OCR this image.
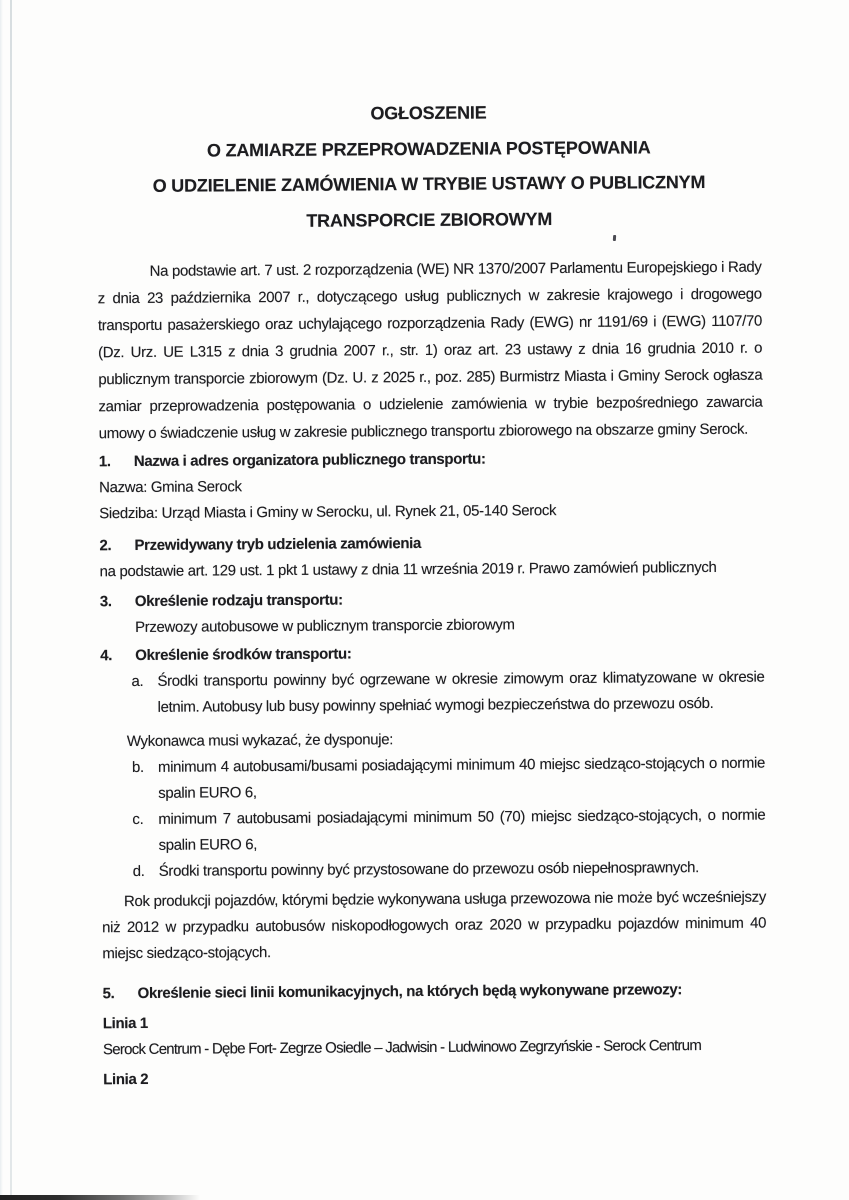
OGŁOSZENIE
O ZAMIARZE PRZEPROWADZENIA POSTĘPOWANIA
O UDZIELENIE ZAMÓWIENIA W TRYBIE USTAWY O PUBLICZNYM
TRANSPORCIE ZBIOROWYM

Na podstawie art. 7 ust. 2 rozporządzenia (WE) NR 1370/2007 Parlamentu Europejskiego i Rady z dnia 23 października 2007 r., dotyczącego usług publicznych w zakresie krajowego i drogowego transportu pasażerskiego oraz uchylającego rozporządzenia Rady (EWG) nr 1191/69 i (EWG) 1107/70 (Dz. Urz. UE L315 z dnia 3 grudnia 2007 r., str. 1) oraz art. 23 ustawy z dnia 16 grudnia 2010 r. o publicznym transporcie zbiorowym (Dz. U. z 2025 r., poz. 285) Burmistrz Miasta i Gminy Serock ogłasza zamiar przeprowadzenia postępowania o udzielenie zamówienia w trybie bezpośredniego zawarcia umowy o świadczenie usług w zakresie publicznego transportu zbiorowego na obszarze gminy Serock.

1.	Nazwa i adres organizatora publicznego transportu:
Nazwa: Gmina Serock
Siedziba: Urząd Miasta i Gminy w Serocku, ul. Rynek 21, 05-140 Serock
2.	Przewidywany tryb udzielenia zamówienia
na podstawie art. 129 ust. 1 pkt 1 ustawy z dnia 11 września 2019 r. Prawo zamówień publicznych
3.	Określenie rodzaju transportu:
Przewozy autobusowe w publicznym transporcie zbiorowym
4.	Określenie środków transportu:
a. Środki transportu powinny być ogrzewane w okresie zimowym oraz klimatyzowane w okresie letnim. Autobusy lub busy powinny spełniać wymogi bezpieczeństwa do przewozu osób.
Wykonawca musi wykazać, że dysponuje:
b. minimum 4 autobusami/busami posiadającymi minimum 40 miejsc siedząco-stojących o normie spalin EURO 6,
c. minimum 7 autobusami posiadającymi minimum 50 (70) miejsc siedząco-stojących, o normie spalin EURO 6,
d. Środki transportu powinny być przystosowane do przewozu osób niepełnosprawnych.

Rok produkcji pojazdów, którymi będzie wykonywana usługa przewozowa nie może być wcześniejszy niż 2012 w przypadku autobusów niskopodłogowych oraz 2020 w przypadku pojazdów minimum 40 miejsc siedząco-stojących.

5.	Określenie sieci linii komunikacyjnych, na których będą wykonywane przewozy:
Linia 1
Serock Centrum - Dębe Fort- Zegrze Osiedle – Jadwisin - Ludwinowo Zegrzyńskie - Serock Centrum
Linia 2
